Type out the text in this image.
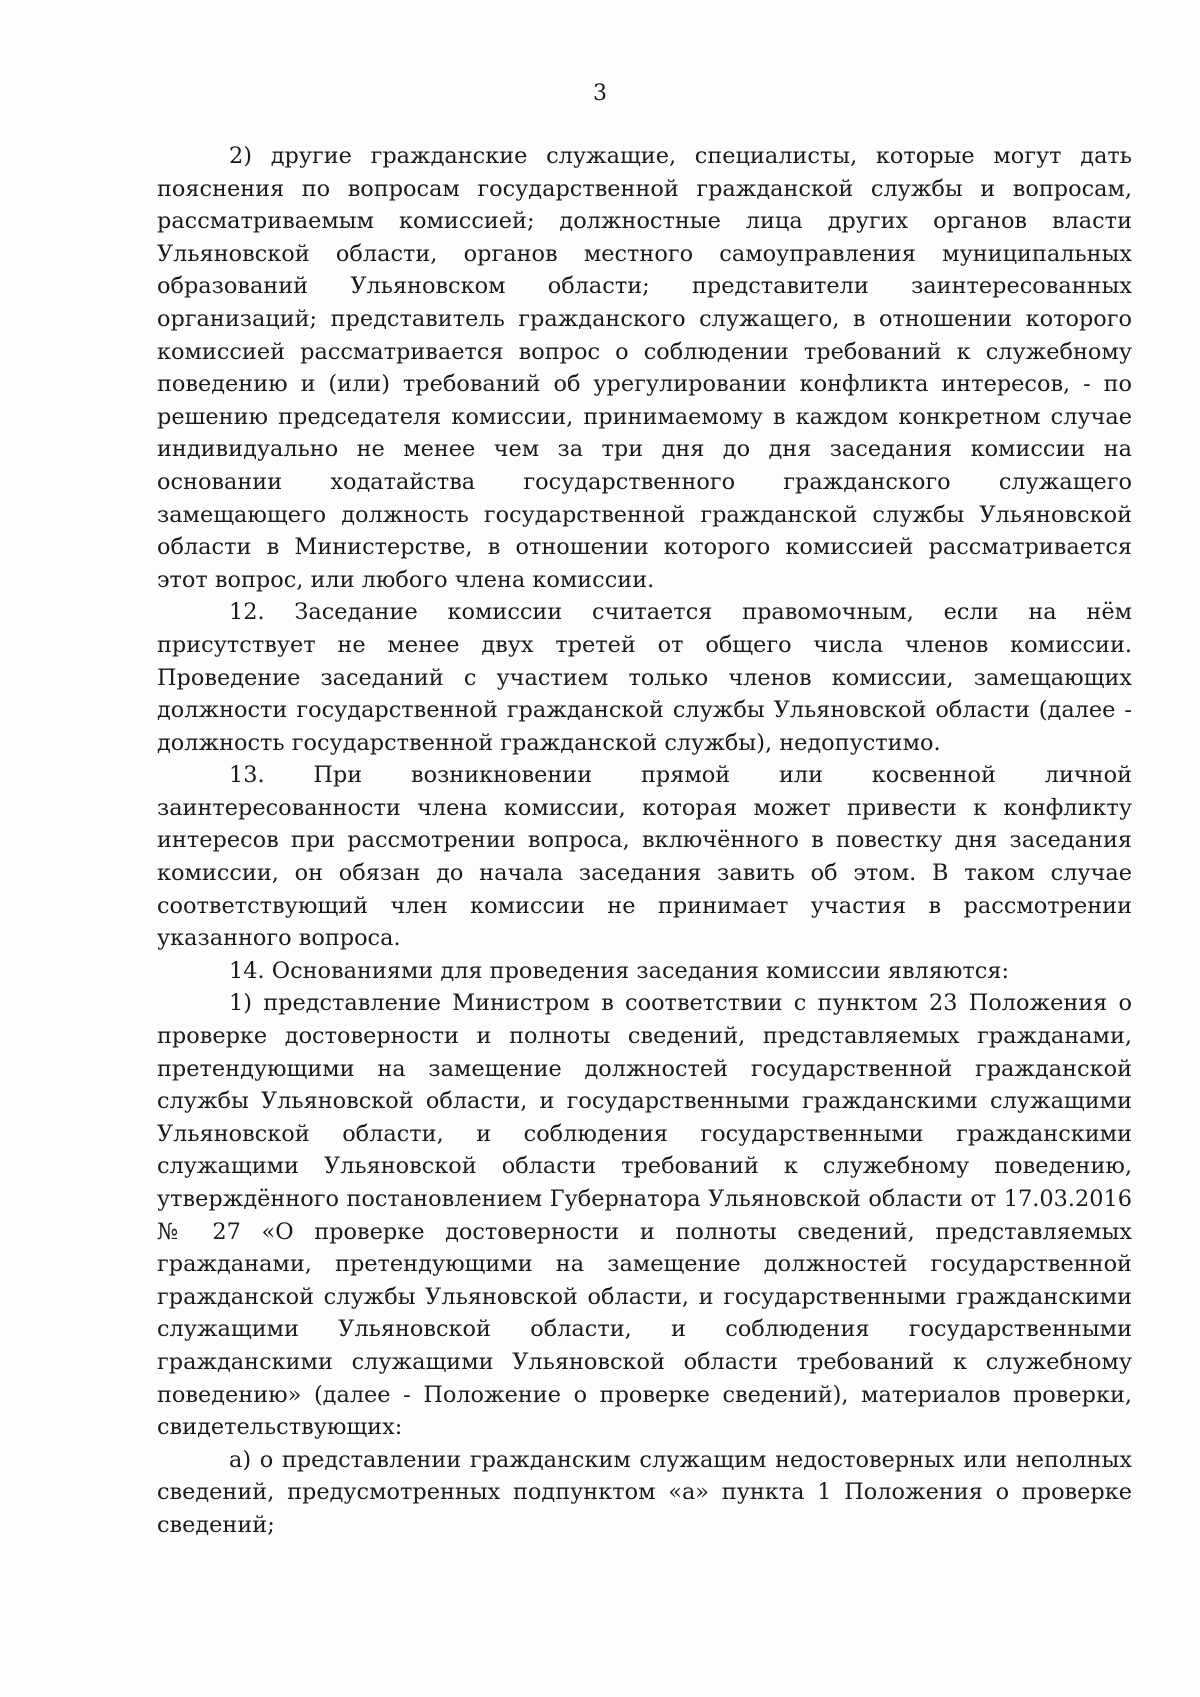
3

2) другие гражданские служащие, специалисты, которые могут дать пояснения по вопросам государственной гражданской службы и вопросам, рассматриваемым комиссией; должностные лица других органов власти Ульяновской области, органов местного самоуправления муниципальных образований Ульяновском области; представители заинтересованных организаций; представитель гражданского служащего, в отношении которого комиссией рассматривается вопрос о соблюдении требований к служебному поведению и (или) требований об урегулировании конфликта интересов, - по решению председателя комиссии, принимаемому в каждом конкретном случае индивидуально не менее чем за три дня до дня заседания комиссии на основании ходатайства государственного гражданского служащего замещающего должность государственной гражданской службы Ульяновской области в Министерстве, в отношении которого комиссией рассматривается этот вопрос, или любого члена комиссии.

12. Заседание комиссии считается правомочным, если на нём присутствует не менее двух третей от общего числа членов комиссии. Проведение заседаний с участием только членов комиссии, замещающих должности государственной гражданской службы Ульяновской области (далее - должность государственной гражданской службы), недопустимо.

13. При возникновении прямой или косвенной личной заинтересованности члена комиссии, которая может привести к конфликту интересов при рассмотрении вопроса, включённого в повестку дня заседания комиссии, он обязан до начала заседания завить об этом. В таком случае соответствующий член комиссии не принимает участия в рассмотрении указанного вопроса.

14. Основаниями для проведения заседания комиссии являются:

1) представление Министром в соответствии с пунктом 23 Положения о проверке достоверности и полноты сведений, представляемых гражданами, претендующими на замещение должностей государственной гражданской службы Ульяновской области, и государственными гражданскими служащими Ульяновской области, и соблюдения государственными гражданскими служащими Ульяновской области требований к служебному поведению, утверждённого постановлением Губернатора Ульяновской области от 17.03.2016 № 27 «О проверке достоверности и полноты сведений, представляемых гражданами, претендующими на замещение должностей государственной гражданской службы Ульяновской области, и государственными гражданскими служащими Ульяновской области, и соблюдения государственными гражданскими служащими Ульяновской области требований к служебному поведению» (далее - Положение о проверке сведений), материалов проверки, свидетельствующих:

а) о представлении гражданским служащим недостоверных или неполных сведений, предусмотренных подпунктом «а» пункта 1 Положения о проверке сведений;
